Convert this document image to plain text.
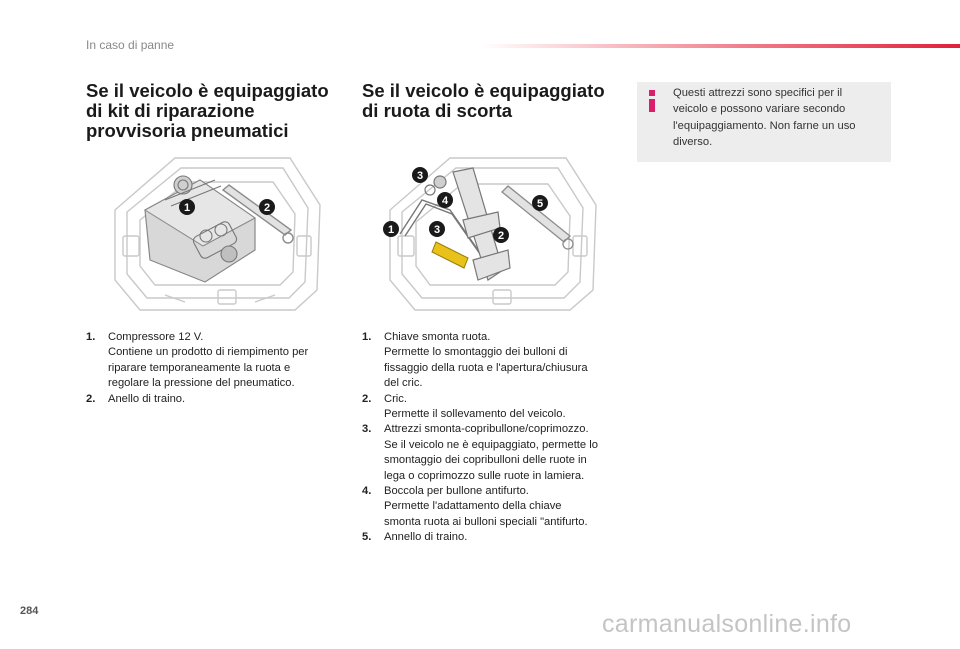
In caso di panne
Se il veicolo è equipaggiato
di kit di riparazione
provvisoria pneumatici
Se il veicolo è equipaggiato
di ruota di scorta
Questi attrezzi sono specifici per il
veicolo e possono variare secondo
l'equipaggiamento. Non farne un uso
diverso.
1	2
1	2
3
3
4	5
1. Compressore 12 V.
Contiene un prodotto di riempimento per
riparare temporaneamente la ruota e
regolare la pressione del pneumatico.
2. Anello di traino.
1. Chiave smonta ruota.
Permette lo smontaggio dei bulloni di
fissaggio della ruota e l'apertura/chiusura
del cric.
2. Cric.
Permette il sollevamento del veicolo.
3. Attrezzi smonta-copribullone/coprimozzo.
Se il veicolo ne è equipaggiato, permette lo
smontaggio dei copribulloni delle ruote in
lega o coprimozzo sulle ruote in lamiera.
4. Boccola per bullone antifurto.
Permette l'adattamento della chiave
smonta ruota ai bulloni speciali "antifurto.
5. Annello di traino.
284	carmanualsonline.info
